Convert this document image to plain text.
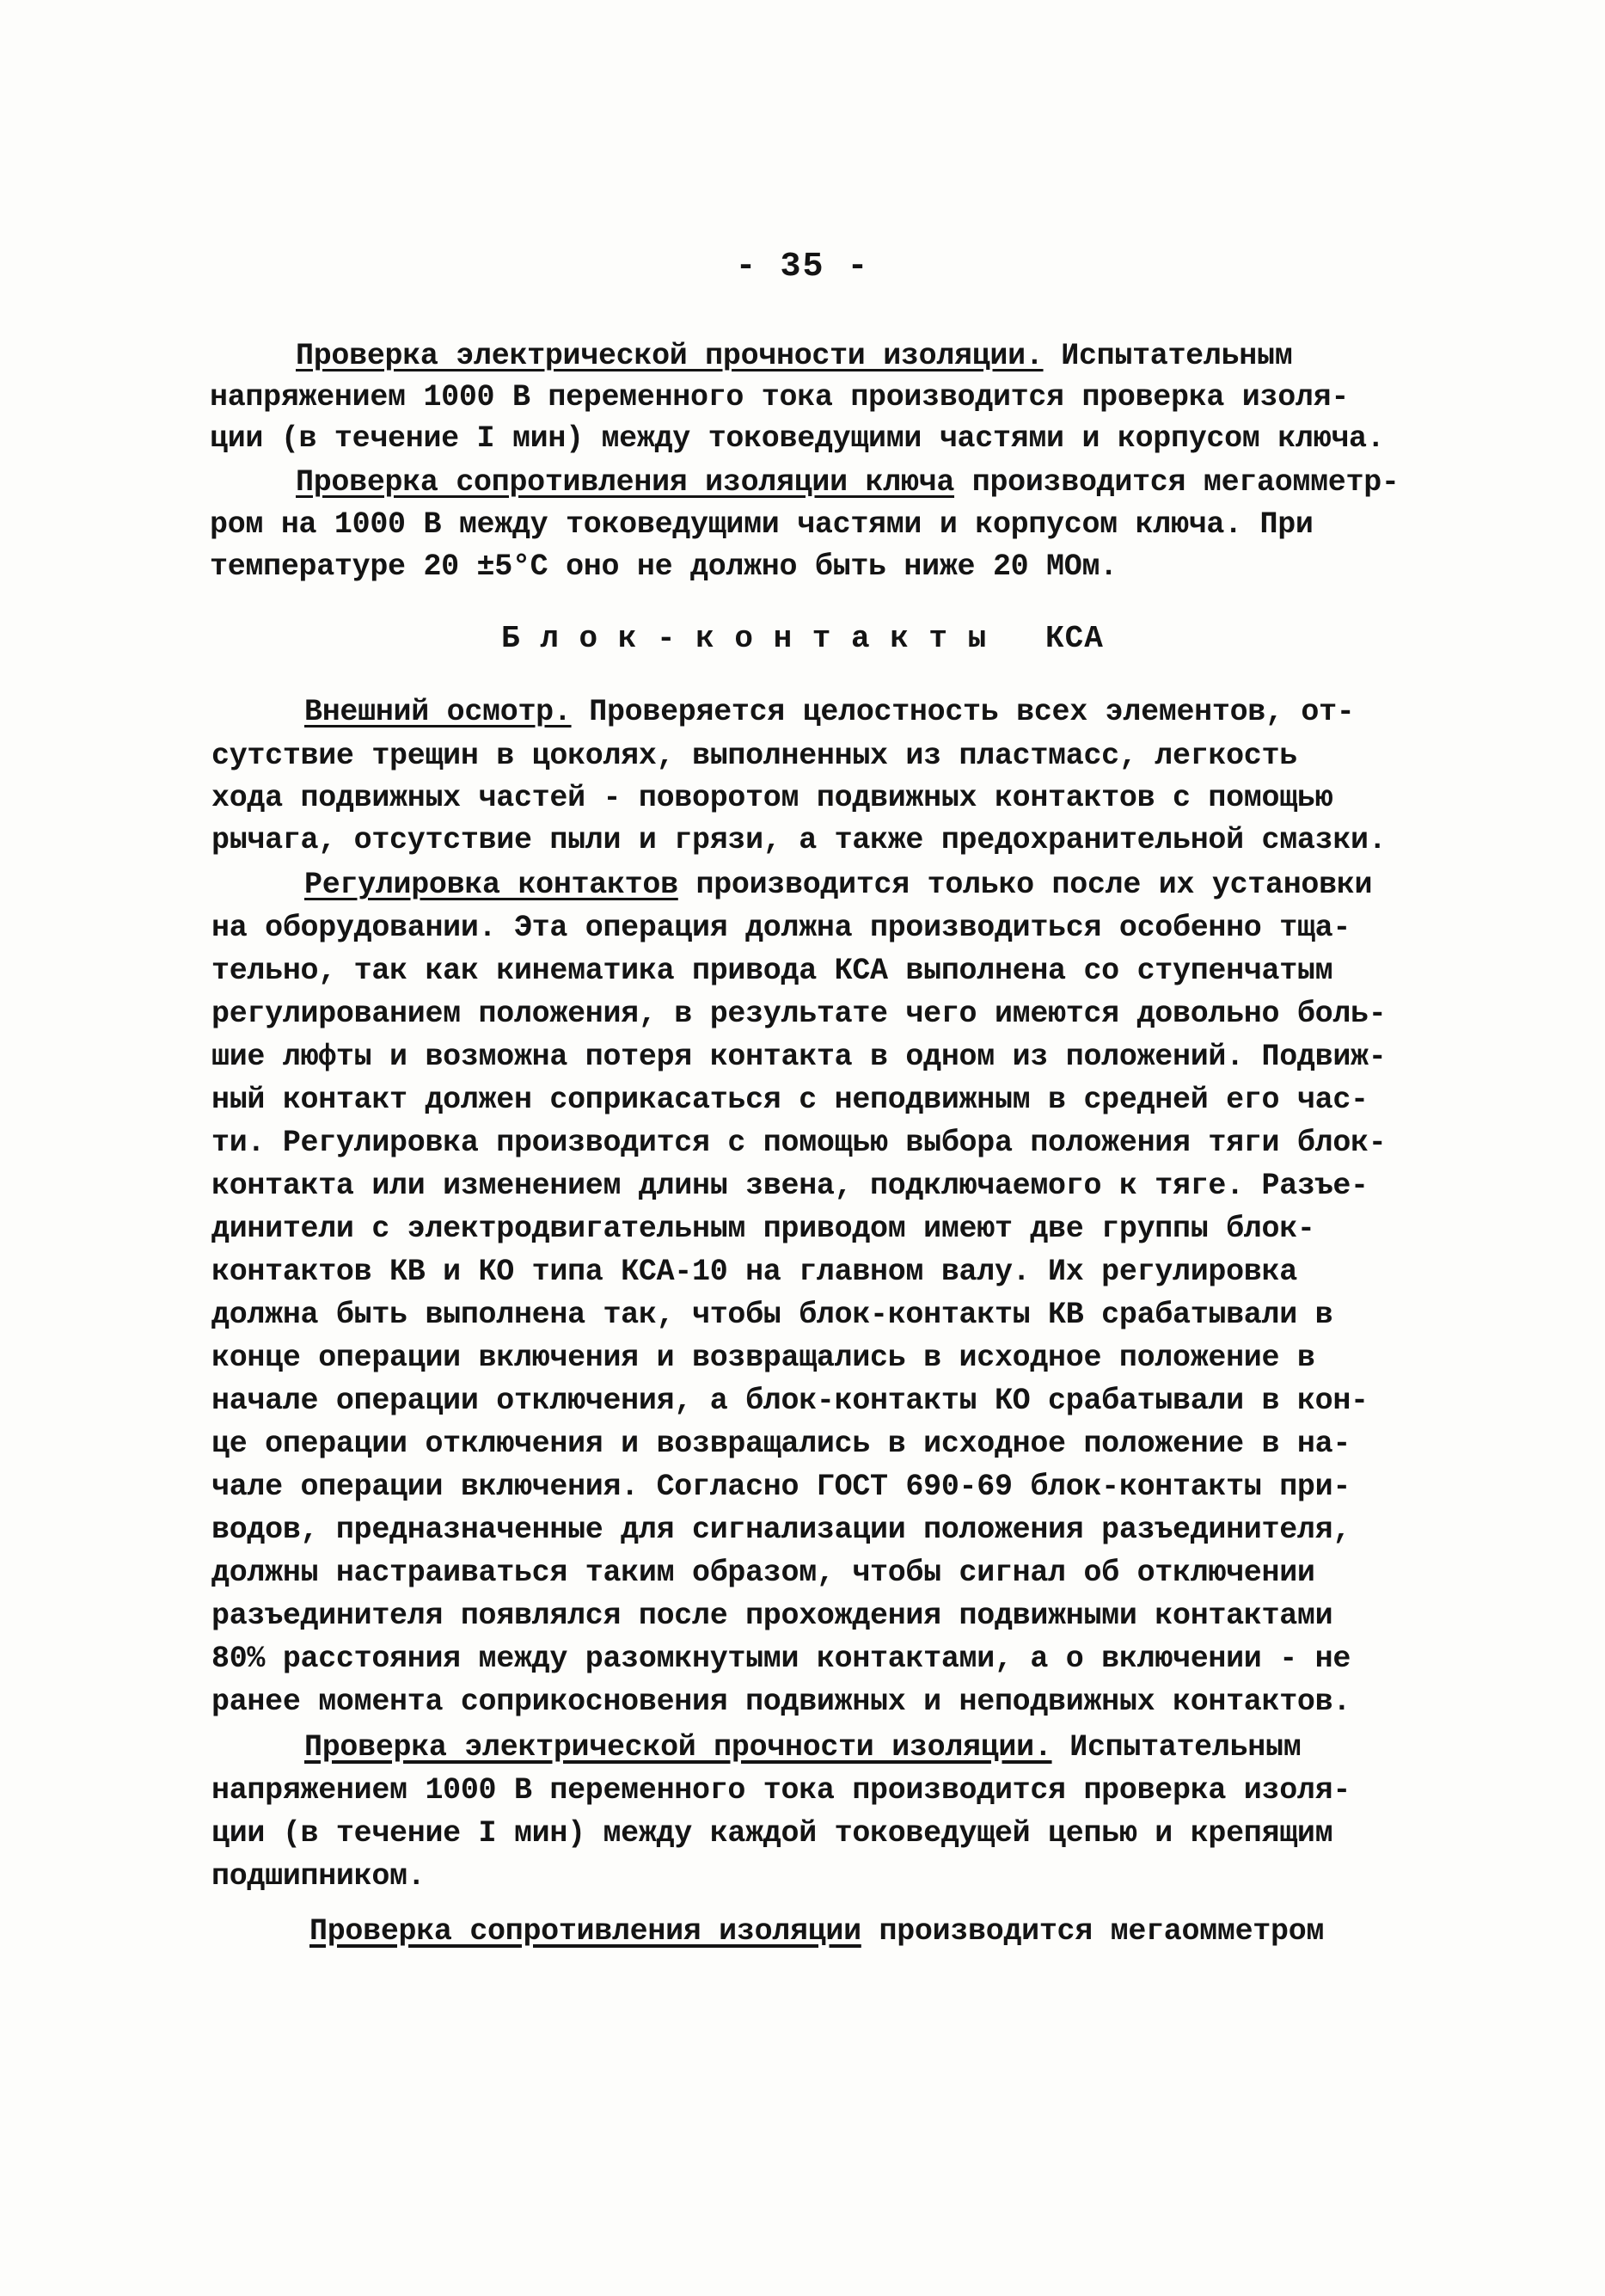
- 35 -
Проверка электрической прочности изоляции. Испытательным
напряжением 1000 В переменного тока производится проверка изоля-
ции (в течение I мин) между токоведущими частями и корпусом ключа.
Проверка сопротивления изоляции ключа производится мегаомметр-
ром на 1000 В между токоведущими частями и корпусом ключа. При
температуре 20 ±5°С оно не должно быть ниже 20 МОм.
Б л о к - к о н т а к т ы   КСА
Внешний осмотр. Проверяется целостность всех элементов, от-
сутствие трещин в цоколях, выполненных из пластмасс, легкость
хода подвижных частей - поворотом подвижных контактов с помощью
рычага, отсутствие пыли и грязи, а также предохранительной смазки.
Регулировка контактов производится только после их установки
на оборудовании. Эта операция должна производиться особенно тща-
тельно, так как кинематика привода КСА выполнена со ступенчатым
регулированием положения, в результате чего имеются довольно боль-
шие люфты и возможна потеря контакта в одном из положений. Подвиж-
ный контакт должен соприкасаться с неподвижным в средней его час-
ти. Регулировка производится с помощью выбора положения тяги блок-
контакта или изменением длины звена, подключаемого к тяге. Разъе-
динители с электродвигательным приводом имеют две группы блок-
контактов КВ и КО типа КСА-10 на главном валу. Их регулировка
должна быть выполнена так, чтобы блок-контакты КВ срабатывали в
конце операции включения и возвращались в исходное положение в
начале операции отключения, а блок-контакты КО срабатывали в кон-
це операции отключения и возвращались в исходное положение в на-
чале операции включения. Согласно ГОСТ 690-69 блок-контакты при-
водов, предназначенные для сигнализации положения разъединителя,
должны настраиваться таким образом, чтобы сигнал об отключении
разъединителя появлялся после прохождения подвижными контактами
80% расстояния между разомкнутыми контактами, а о включении - не
ранее момента соприкосновения подвижных и неподвижных контактов.
Проверка электрической прочности изоляции. Испытательным
напряжением 1000 В переменного тока производится проверка изоля-
ции (в течение I мин) между каждой токоведущей цепью и крепящим
подшипником.
Проверка сопротивления изоляции производится мегаомметром
